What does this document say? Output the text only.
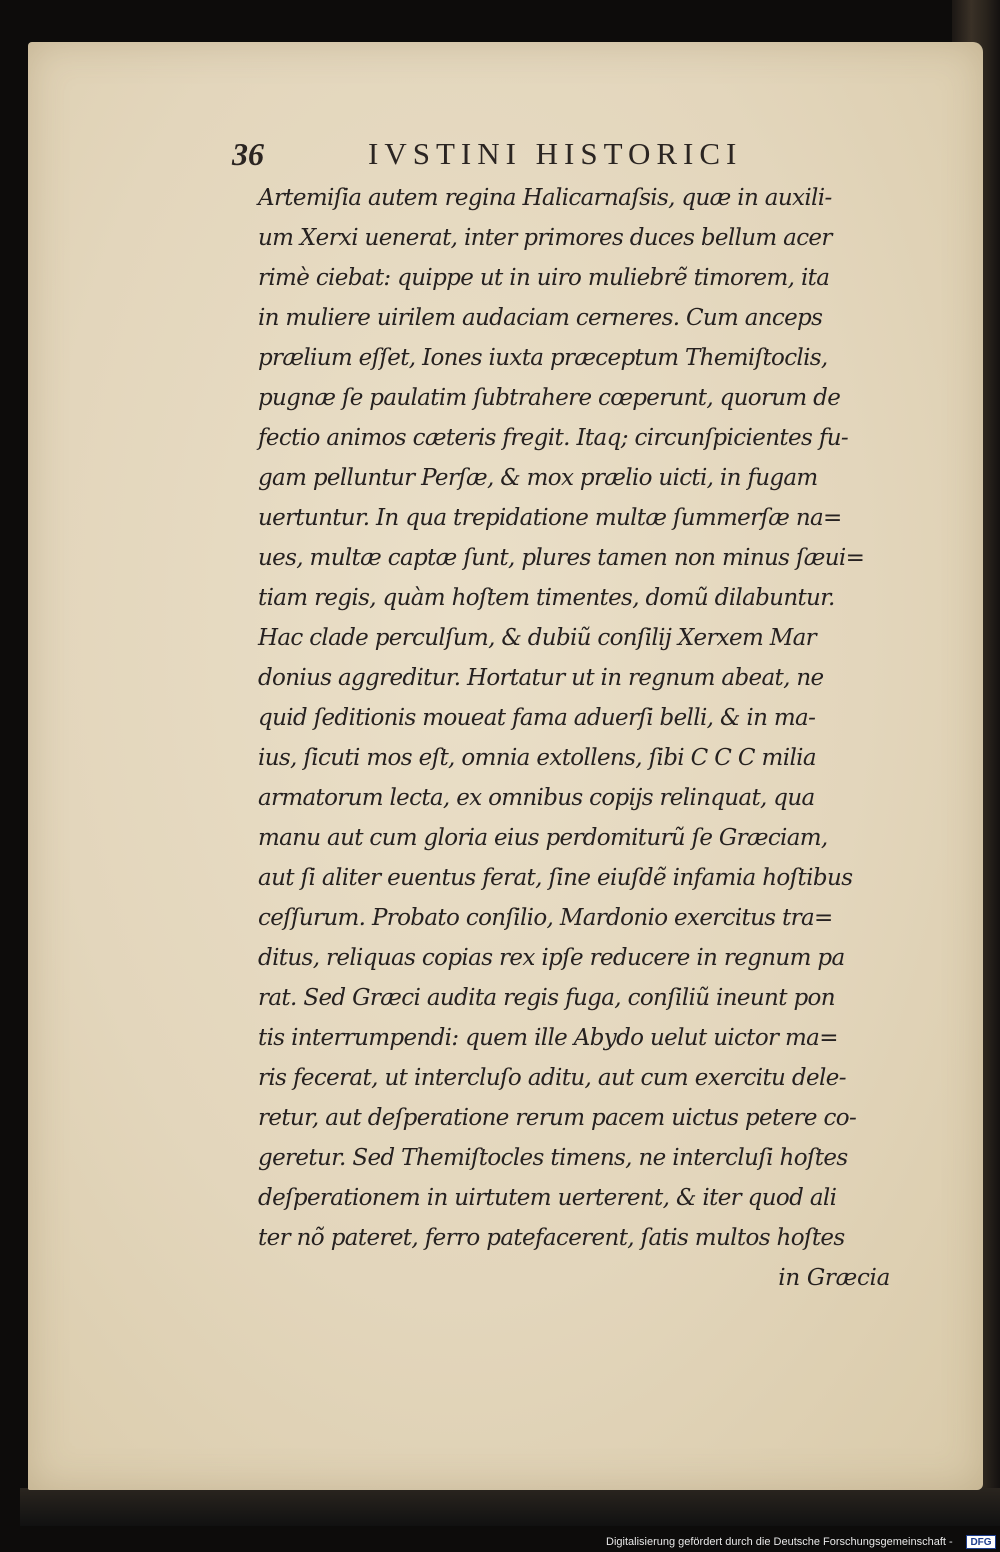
36	IVSTINI HISTORICI
Artemiſia autem regina Halicarnaſsis, quæ in auxili-
um Xerxi uenerat, inter primores duces bellum acer
rimè ciebat: quippe ut in uiro muliebrẽ timorem, ita
in muliere uirilem audaciam cerneres. Cum anceps
prælium eſſet, Iones iuxta præceptum Themiſtoclis,
pugnæ ſe paulatim ſubtrahere cœperunt, quorum de
fectio animos cæteris fregit. Itaq; circunſpicientes fu-
gam pelluntur Perſæ, & mox prælio uicti, in fugam
uertuntur. In qua trepidatione multæ ſummerſæ na=
ues, multæ captæ ſunt, plures tamen non minus ſæui=
tiam regis, quàm hoſtem timentes, domũ dilabuntur.
Hac clade perculſum, & dubiũ conſilij Xerxem Mar
donius aggreditur. Hortatur ut in regnum abeat, ne
quid ſeditionis moueat fama aduerſi belli, & in ma-
ius, ſicuti mos eſt, omnia extollens, ſibi C C C milia
armatorum lecta, ex omnibus copijs relinquat, qua
manu aut cum gloria eius perdomiturũ ſe Græciam,
aut ſi aliter euentus ferat, ſine eiuſdẽ infamia hoſtibus
ceſſurum. Probato conſilio, Mardonio exercitus tra=
ditus, reliquas copias rex ipſe reducere in regnum pa
rat. Sed Græci audita regis fuga, conſiliũ ineunt pon
tis interrumpendi: quem ille Abydo uelut uictor ma=
ris fecerat, ut intercluſo aditu, aut cum exercitu dele-
retur, aut deſperatione rerum pacem uictus petere co-
geretur. Sed Themiſtocles timens, ne intercluſi hoſtes
deſperationem in uirtutem uerterent, & iter quod ali
ter nõ pateret, ferro patefacerent, ſatis multos hoſtes
in Græcia
Digitalisierung gefördert durch die Deutsche Forschungsgemeinschaft -	DFG
